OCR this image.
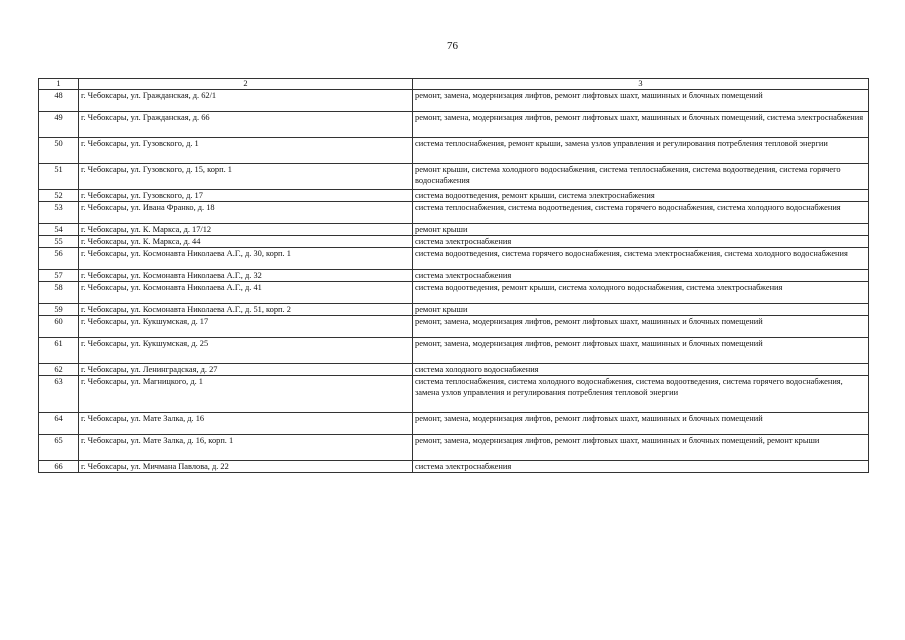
76
1	2	3
48	г. Чебоксары, ул. Гражданская, д. 62/1	ремонт, замена, модернизация лифтов, ремонт лифтовых шахт, машинных и блочных помещений
49	г. Чебоксары, ул. Гражданская, д. 66	ремонт, замена, модернизация лифтов, ремонт лифтовых шахт, машинных и блочных помещений, система электроснабжения
50	г. Чебоксары, ул. Гузовского, д. 1	система теплоснабжения, ремонт крыши, замена узлов управления и регулирования потребления тепловой энергии
51	г. Чебоксары, ул. Гузовского, д. 15, корп. 1	ремонт крыши, система холодного водоснабжения, система теплоснабжения, система водоотведения, система горячего водоснабжения
52	г. Чебоксары, ул. Гузовского, д. 17	система водоотведения, ремонт крыши, система электроснабжения
53	г. Чебоксары, ул. Ивана Франко, д. 18	система теплоснабжения, система водоотведения, система горячего водоснабжения, система холодного водоснабжения
54	г. Чебоксары, ул. К. Маркса, д. 17/12	ремонт крыши
55	г. Чебоксары, ул. К. Маркса, д. 44	система электроснабжения
56	г. Чебоксары, ул. Космонавта Николаева А.Г., д. 30, корп. 1	система водоотведения, система горячего водоснабжения, система электроснабжения, система холодного водоснабжения
57	г. Чебоксары, ул. Космонавта Николаева А.Г., д. 32	система электроснабжения
58	г. Чебоксары, ул. Космонавта Николаева А.Г., д. 41	система водоотведения, ремонт крыши, система холодного водоснабжения, система электроснабжения
59	г. Чебоксары, ул. Космонавта Николаева А.Г., д. 51, корп. 2	ремонт крыши
60	г. Чебоксары, ул. Кукшумская, д. 17	ремонт, замена, модернизация лифтов, ремонт лифтовых шахт, машинных и блочных помещений
61	г. Чебоксары, ул. Кукшумская, д. 25	ремонт, замена, модернизация лифтов, ремонт лифтовых шахт, машинных и блочных помещений
62	г. Чебоксары, ул. Ленинградская, д. 27	система холодного водоснабжения
63	г. Чебоксары, ул. Магницкого, д. 1	система теплоснабжения, система холодного водоснабжения, система водоотведения, система горячего водоснабжения, замена узлов управления и регулирования потребления тепловой энергии
64	г. Чебоксары, ул. Мате Залка, д. 16	ремонт, замена, модернизация лифтов, ремонт лифтовых шахт, машинных и блочных помещений
65	г. Чебоксары, ул. Мате Залка, д. 16, корп. 1	ремонт, замена, модернизация лифтов, ремонт лифтовых шахт, машинных и блочных помещений, ремонт крыши
66	г. Чебоксары, ул. Мичмана Павлова, д. 22	система электроснабжения
